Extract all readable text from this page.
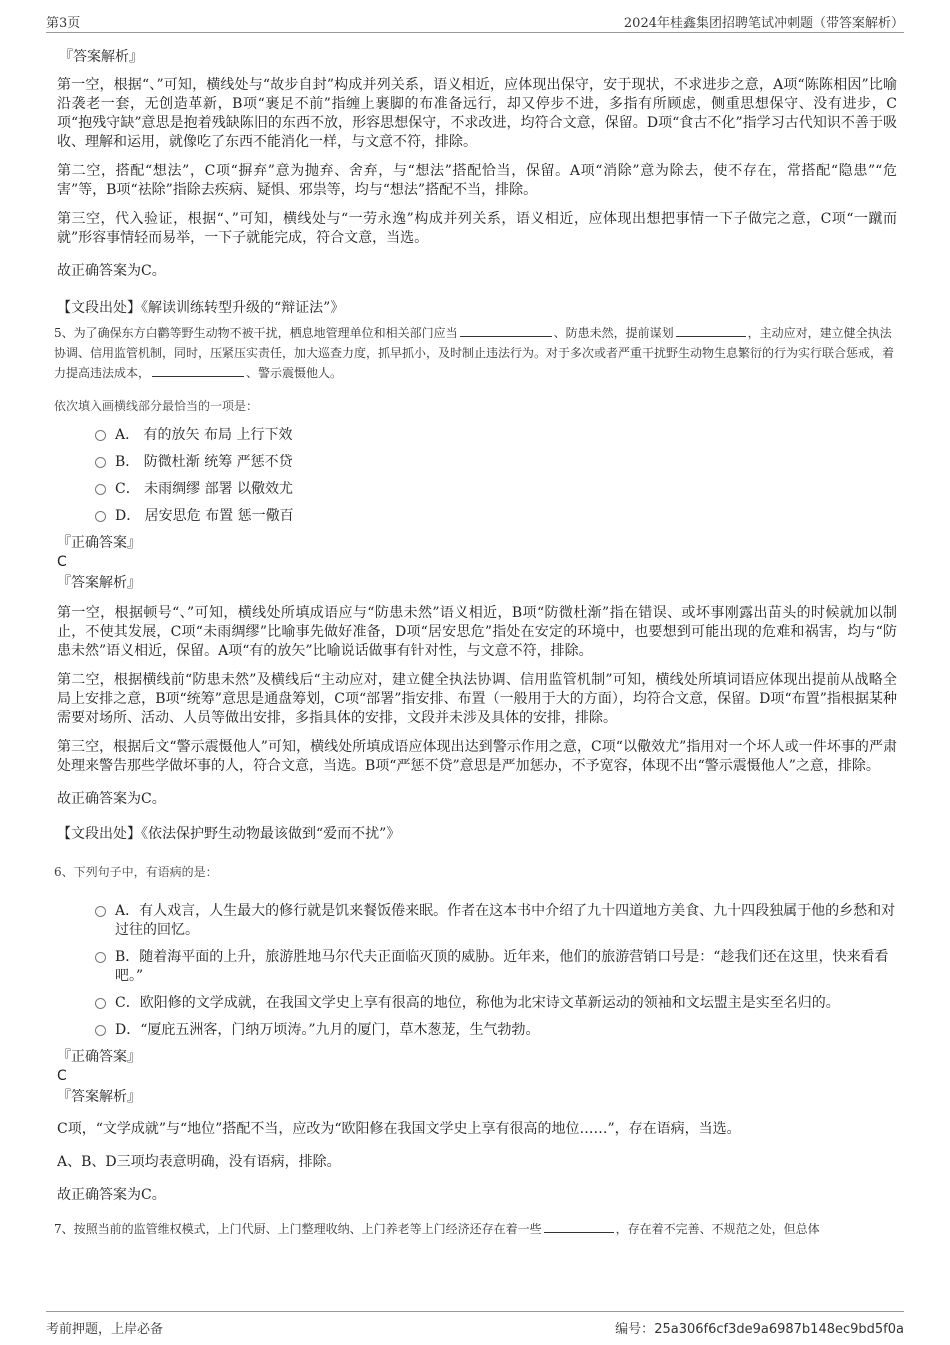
第3页	2024年桂鑫集团招聘笔试冲刺题（带答案解析）
『答案解析』

第一空，根据“、”可知，横线处与“故步自封”构成并列关系，语义相近，应体现出保守，安于现状，不求进步之意，A项“陈陈相因”比喻沿袭老一套，无创造革新，B项“裹足不前”指缠上裹脚的布准备远行，却又停步不进，多指有所顾虑，侧重思想保守、没有进步，C项“抱残守缺”意思是抱着残缺陈旧的东西不放，形容思想保守，不求改进，均符合文意，保留。D项“食古不化”指学习古代知识不善于吸收、理解和运用，就像吃了东西不能消化一样，与文意不符，排除。

第二空，搭配“想法”，C项“摒弃”意为抛弃、舍弃，与“想法”搭配恰当，保留。A项“消除”意为除去，使不存在，常搭配“隐患”“危害”等，B项“祛除”指除去疾病、疑惧、邪祟等，均与“想法”搭配不当，排除。

第三空，代入验证，根据“、”可知，横线处与“一劳永逸”构成并列关系，语义相近，应体现出想把事情一下子做完之意，C项“一蹴而就”形容事情轻而易举，一下子就能完成，符合文意，当选。

故正确答案为C。

【文段出处】《解读训练转型升级的“辩证法”》
5、为了确保东方白鹳等野生动物不被干扰，栖息地管理单位和相关部门应当	、防患未然，提前谋划	，主动应对，建立健全执法协调、信用监管机制，同时，压紧压实责任，加大巡查力度，抓早抓小，及时制止违法行为。对于多次或者严重干扰野生动物生息繁衍的行为实行联合惩戒，着力提高违法成本，	、警示震慑他人。
依次填入画横线部分最恰当的一项是：
A． 有的放矢 布局 上行下效
B． 防微杜渐 统筹 严惩不贷
C． 未雨绸缪 部署 以儆效尤
D． 居安思危 布置 惩一儆百
『正确答案』
C
『答案解析』

第一空，根据顿号“、”可知，横线处所填成语应与“防患未然”语义相近，B项“防微杜渐”指在错误、或坏事刚露出苗头的时候就加以制止，不使其发展，C项“未雨绸缪”比喻事先做好准备，D项“居安思危”指处在安定的环境中，也要想到可能出现的危难和祸害，均与“防患未然”语义相近，保留。A项“有的放矢”比喻说话做事有针对性，与文意不符，排除。

第二空，根据横线前“防患未然”及横线后“主动应对，建立健全执法协调、信用监管机制”可知，横线处所填词语应体现出提前从战略全局上安排之意，B项“统筹”意思是通盘筹划，C项“部署”指安排、布置（一般用于大的方面），均符合文意，保留。D项“布置”指根据某种需要对场所、活动、人员等做出安排，多指具体的安排，文段并未涉及具体的安排，排除。

第三空，根据后文“警示震慑他人”可知，横线处所填成语应体现出达到警示作用之意，C项“以儆效尤”指用对一个坏人或一件坏事的严肃处理来警告那些学做坏事的人，符合文意，当选。B项“严惩不贷”意思是严加惩办，不予宽容，体现不出“警示震慑他人”之意，排除。

故正确答案为C。

【文段出处】《依法保护野生动物最该做到“爱而不扰”》
6、下列句子中，有语病的是：
A．有人戏言，人生最大的修行就是饥来餐饭倦来眠。作者在这本书中介绍了九十四道地方美食、九十四段独属于他的乡愁和对过往的回忆。
B．随着海平面的上升，旅游胜地马尔代夫正面临灭顶的威胁。近年来，他们的旅游营销口号是：“趁我们还在这里，快来看看吧。”
C．欧阳修的文学成就，在我国文学史上享有很高的地位，称他为北宋诗文革新运动的领袖和文坛盟主是实至名归的。
D．“厦庇五洲客，门纳万顷涛。”九月的厦门，草木葱茏，生气勃勃。
『正确答案』
C
『答案解析』

C项，“文学成就”与“地位”搭配不当，应改为“欧阳修在我国文学史上享有很高的地位……”，存在语病，当选。

A、B、D三项均表意明确，没有语病，排除。

故正确答案为C。

7、按照当前的监管维权模式，上门代厨、上门整理收纳、上门养老等上门经济还存在着一些	，存在着不完善、不规范之处，但总体
考前押题，上岸必备	编号：25a306f6cf3de9a6987b148ec9bd5f0a
